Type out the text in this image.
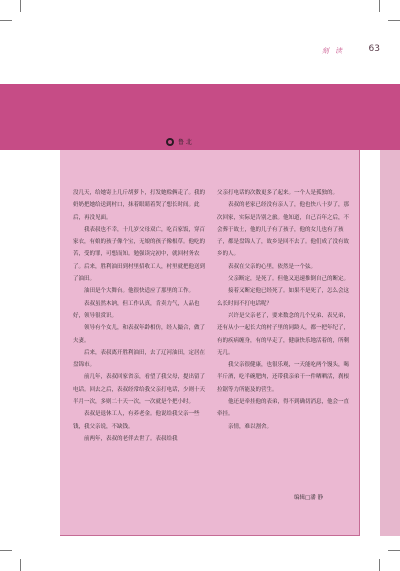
刻 读	63
鲁 北

没几天，给她寄上几斤胡萝卜，打发她赊俩走了。我的奶奶把她给送到村口，抹着眼睛着哭了想长时间。此后，再没见面。

我表叔也不幸，十几岁父母双亡，吃百家饭，穿百家衣，有娘的孩子像个宝，无娘的孩子像根草。他吃的苦，受的罪，可想而知。勉强读完初中，就回村务农了。后来，胜利油田到村里招收工人，村里就把他送到了油田。

油田是个大舞台。他很快适应了那里的工作。

表叔虽然木讷，但工作认真，肯卖力气，人品也好，领导很赏识。

领导有个女儿，和表叔年龄相仿，经人撮合，做了夫妻。

后来，表叔离开胜利油田，去了辽河油田，定居在盘锦市。

前几年，表叔回家省亲，看望了我父母，提出留了电话。回去之后，表叔经常给我父亲打电话，少则十天半月一次，多则二十天一次，一次就是个把小时。

表叔是退休工人，有养老金。他说给我父亲一些钱，我父亲说，不缺钱。

前两年，表叔的老伴去世了。表叔给我

父亲打电话的次数更多了起来。一个人是孤独的。

表叔的老家已经没有亲人了，他也快八十岁了，那次回家，实际是告别之旅。他知道，自己百年之后，不会葬于故土，他的儿子有了孩子，他的女儿也有了孩子，都是盘锦人了，故乡是回不去了。他们成了没有故乡的人。

表叔在父亲的心里，依然是一个弦。

父亲断定，是死了。但他又迅速推倒自己的断定。

接着又断定他已经死了。如果不是死了，怎么会这么长时间不打电话呢？

兴许是父亲老了，要来数念的几个兄弟、表兄弟，还有从小一起长大的村子里的同龄人，都一把年纪了，有的疾病缠身，有的早走了，健康快乐地活着的，所剩无几。

我父亲很健康，也很乐观，一天能吃两个馒头，喝半斤酒，吃半碗肥肉，还带我亲弟干一件晒晒活，刹根拉锯等力所能及的营生。

他还是牵挂他的表弟，得不到确切消息，他会一直牵挂。

亲情，难以割舍。

编辑□潘 静
